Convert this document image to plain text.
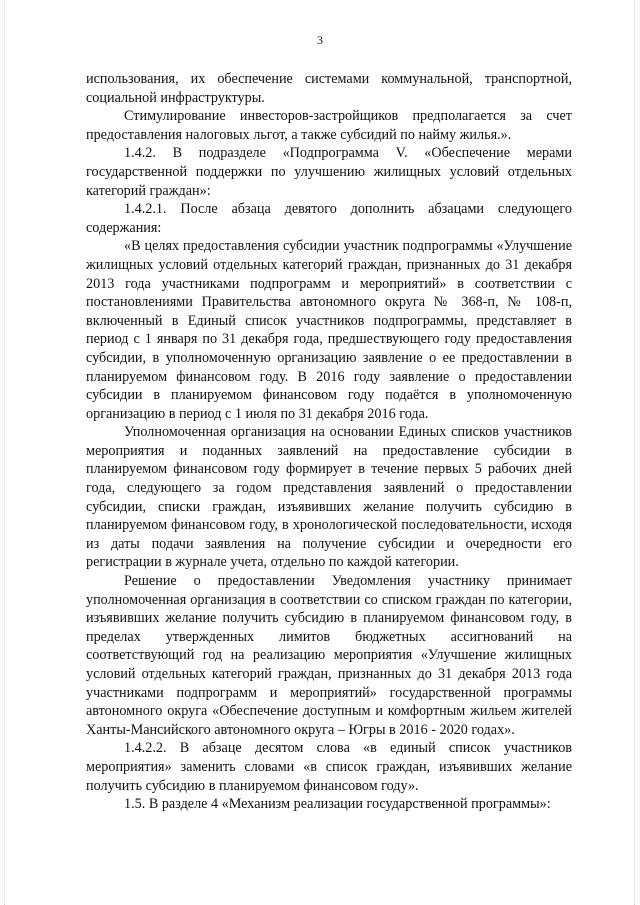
3

использования, их обеспечение системами коммунальной, транспортной, социальной инфраструктуры.

Стимулирование инвесторов-застройщиков предполагается за счет предоставления налоговых льгот, а также субсидий по найму жилья.».

1.4.2. В подразделе «Подпрограмма V. «Обеспечение мерами государственной поддержки по улучшению жилищных условий отдельных категорий граждан»:

1.4.2.1. После абзаца девятого дополнить абзацами следующего содержания:

«В целях предоставления субсидии участник подпрограммы «Улучшение жилищных условий отдельных категорий граждан, признанных до 31 декабря 2013 года участниками подпрограмм и мероприятий» в соответствии с постановлениями Правительства автономного округа № 368-п, № 108-п, включенный в Единый список участников подпрограммы, представляет в период с 1 января по 31 декабря года, предшествующего году предоставления субсидии, в уполномоченную организацию заявление о ее предоставлении в планируемом финансовом году. В 2016 году заявление о предоставлении субсидии в планируемом финансовом году подаётся в уполномоченную организацию в период с 1 июля по 31 декабря 2016 года.

Уполномоченная организация на основании Единых списков участников мероприятия и поданных заявлений на предоставление субсидии в планируемом финансовом году формирует в течение первых 5 рабочих дней года, следующего за годом представления заявлений о предоставлении субсидии, списки граждан, изъявивших желание получить субсидию в планируемом финансовом году, в хронологической последовательности, исходя из даты подачи заявления на получение субсидии и очередности его регистрации в журнале учета, отдельно по каждой категории.

Решение о предоставлении Уведомления участнику принимает уполномоченная организация в соответствии со списком граждан по категории, изъявивших желание получить субсидию в планируемом финансовом году, в пределах утвержденных лимитов бюджетных ассигнований на соответствующий год на реализацию мероприятия «Улучшение жилищных условий отдельных категорий граждан, признанных до 31 декабря 2013 года участниками подпрограмм и мероприятий» государственной программы автономного округа «Обеспечение доступным и комфортным жильем жителей Ханты-Мансийского автономного округа – Югры в 2016 - 2020 годах».

1.4.2.2. В абзаце десятом слова «в единый список участников мероприятия» заменить словами «в список граждан, изъявивших желание получить субсидию в планируемом финансовом году».

1.5. В разделе 4 «Механизм реализации государственной программы»:
